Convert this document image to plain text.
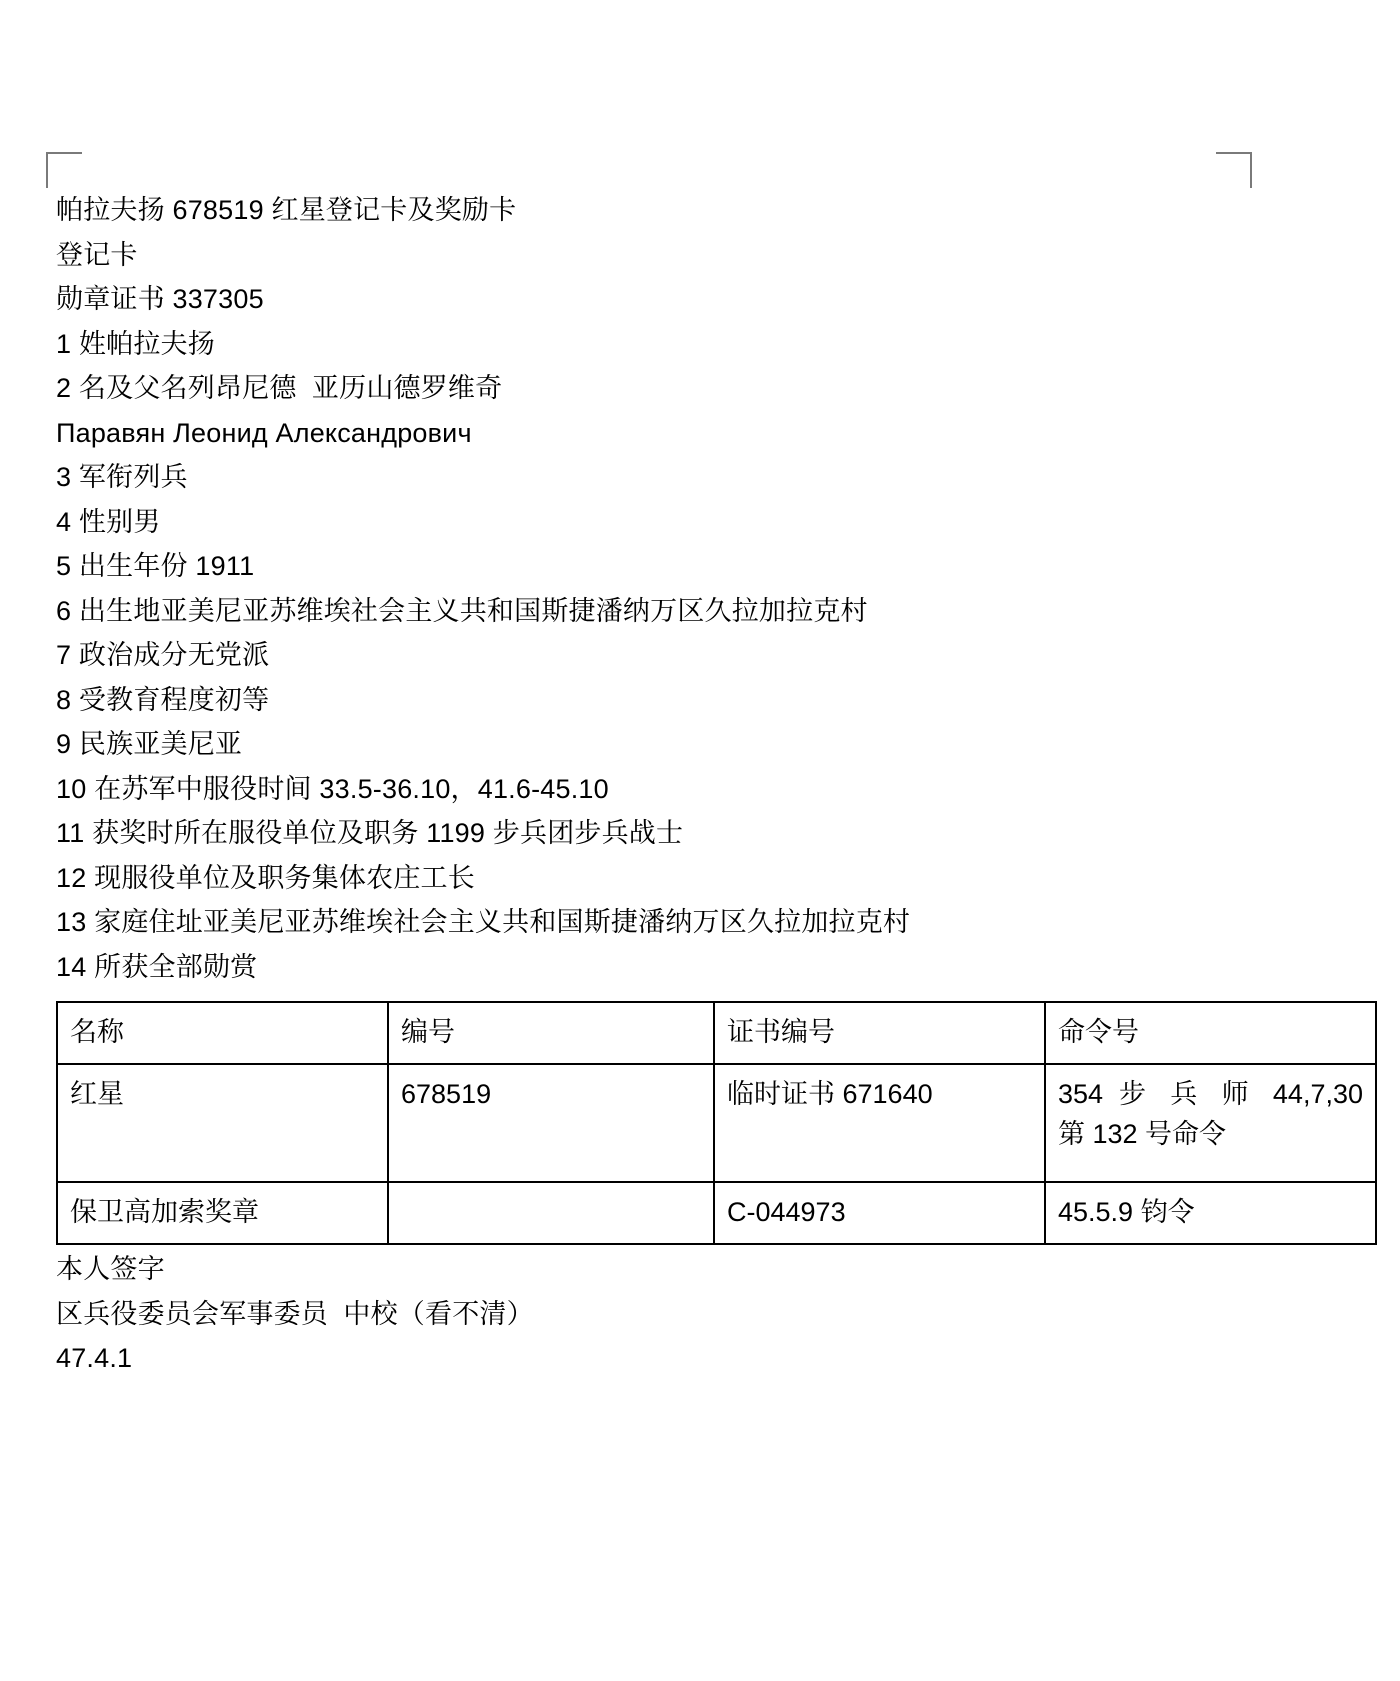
帕拉夫扬 678519 红星登记卡及奖励卡
登记卡
勋章证书 337305
1 姓帕拉夫扬
2 名及父名列昂尼德  亚历山德罗维奇
Паравян Леонид Александрович
3 军衔列兵
4 性别男
5 出生年份 1911
6 出生地亚美尼亚苏维埃社会主义共和国斯捷潘纳万区久拉加拉克村
7 政治成分无党派
8 受教育程度初等
9 民族亚美尼亚
10 在苏军中服役时间 33.5-36.10，41.6-45.10
11 获奖时所在服役单位及职务 1199 步兵团步兵战士
12 现服役单位及职务集体农庄工长
13 家庭住址亚美尼亚苏维埃社会主义共和国斯捷潘纳万区久拉加拉克村
14 所获全部勋赏
名称	编号	证书编号	命令号
红星	678519	临时证书 671640	354 步 兵 师 44,7,30
第 132 号命令

保卫高加索奖章		C-044973	45.5.9 钧令
本人签字
区兵役委员会军事委员  中校（看不清）
47.4.1
